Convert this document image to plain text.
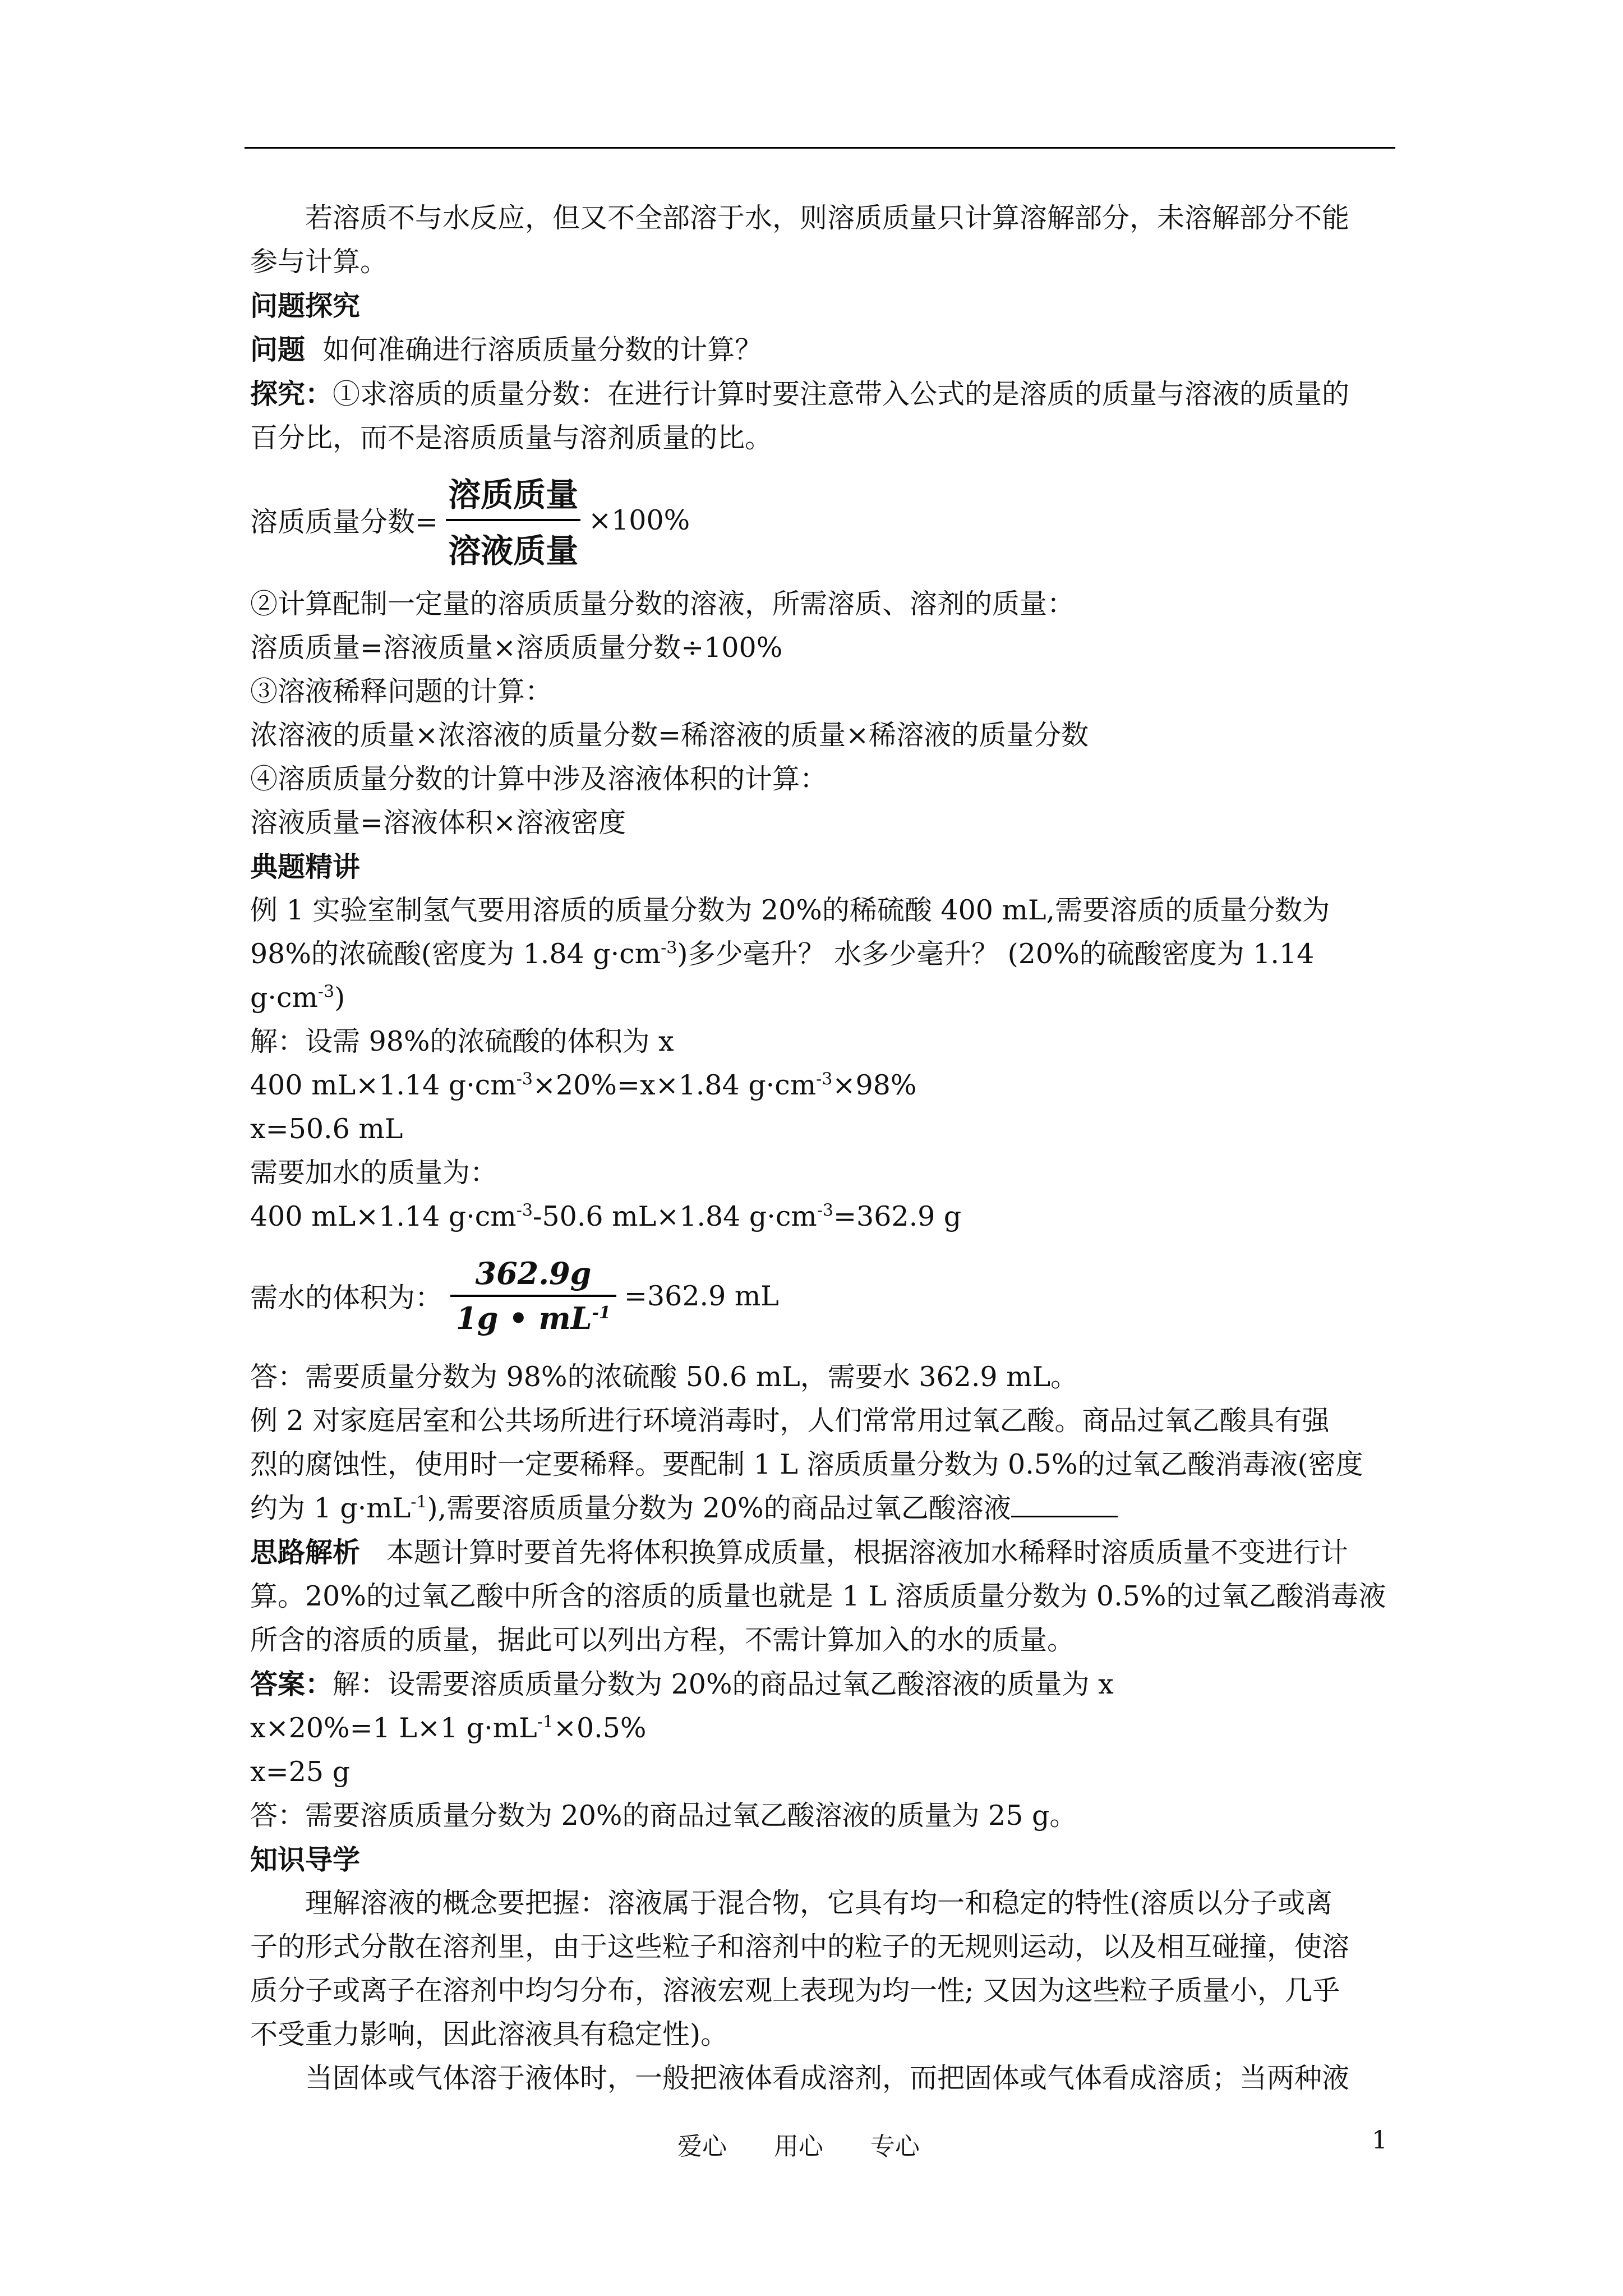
若溶质不与水反应，但又不全部溶于水，则溶质质量只计算溶解部分，未溶解部分不能

参与计算。

问题探究

问题 如何准确进行溶质质量分数的计算？

探究：①求溶质的质量分数：在进行计算时要注意带入公式的是溶质的质量与溶液的质量的

百分比，而不是溶质质量与溶剂质量的比。

溶质质量分数= $\frac{\text{溶质质量}}{\text{溶液质量}} \times 100\%$

②计算配制一定量的溶质质量分数的溶液，所需溶质、溶剂的质量：

溶质质量=溶液质量×溶质质量分数÷100%

③溶液稀释问题的计算：

浓溶液的质量×浓溶液的质量分数=稀溶液的质量×稀溶液的质量分数

④溶质质量分数的计算中涉及溶液体积的计算：

溶液质量=溶液体积×溶液密度

典题精讲

例 1 实验室制氢气要用溶质的质量分数为 20%的稀硫酸 400 mL,需要溶质的质量分数为

98%的浓硫酸(密度为 1.84 $g\cdot cm^{-3}$)多少毫升？ 水多少毫升？ (20%的硫酸密度为 1.14

$g\cdot cm^{-3}$)

解：设需 98%的浓硫酸的体积为 x

400 mL×1.14 $g\cdot cm^{-3}\times 20\%=x\times 1.84$ $g\cdot cm^{-3}\times 98\%$

x=50.6 mL

需要加水的质量为：

400 mL×1.14 $g\cdot cm^{-3}-50.6$ mL×1.84 $g\cdot cm^{-3}=362.9$ g

需水的体积为： $\frac{362.9g}{1g • mL^{-1}} =362.9$ mL

答：需要质量分数为 98%的浓硫酸 50.6 mL，需要水 362.9 mL。

例 2 对家庭居室和公共场所进行环境消毒时，人们常常用过氧乙酸。商品过氧乙酸具有强

烈的腐蚀性，使用时一定要稀释。要配制 1 L 溶质质量分数为 0.5%的过氧乙酸消毒液(密度

约为 1 $g\cdot mL^{-1}$),需要溶质质量分数为 20%的商品过氧乙酸溶液

思路解析 本题计算时要首先将体积换算成质量，根据溶液加水稀释时溶质质量不变进行计

算。20%的过氧乙酸中所含的溶质的质量也就是 1 L 溶质质量分数为 0.5%的过氧乙酸消毒液

所含的溶质的质量，据此可以列出方程，不需计算加入的水的质量。

答案：解：设需要溶质质量分数为 20%的商品过氧乙酸溶液的质量为 x

x×20%=1 L×1 $g\cdot mL^{-1}\times 0.5\%$

x=25 g

答：需要溶质质量分数为 20%的商品过氧乙酸溶液的质量为 25 g。

知识导学

理解溶液的概念要把握：溶液属于混合物，它具有均一和稳定的特性(溶质以分子或离

子的形式分散在溶剂里，由于这些粒子和溶剂中的粒子的无规则运动，以及相互碰撞，使溶

质分子或离子在溶剂中均匀分布，溶液宏观上表现为均一性; 又因为这些粒子质量小，几乎

不受重力影响，因此溶液具有稳定性)。

当固体或气体溶于液体时，一般把液体看成溶剂，而把固体或气体看成溶质；当两种液

爱心      用心      专心	1
